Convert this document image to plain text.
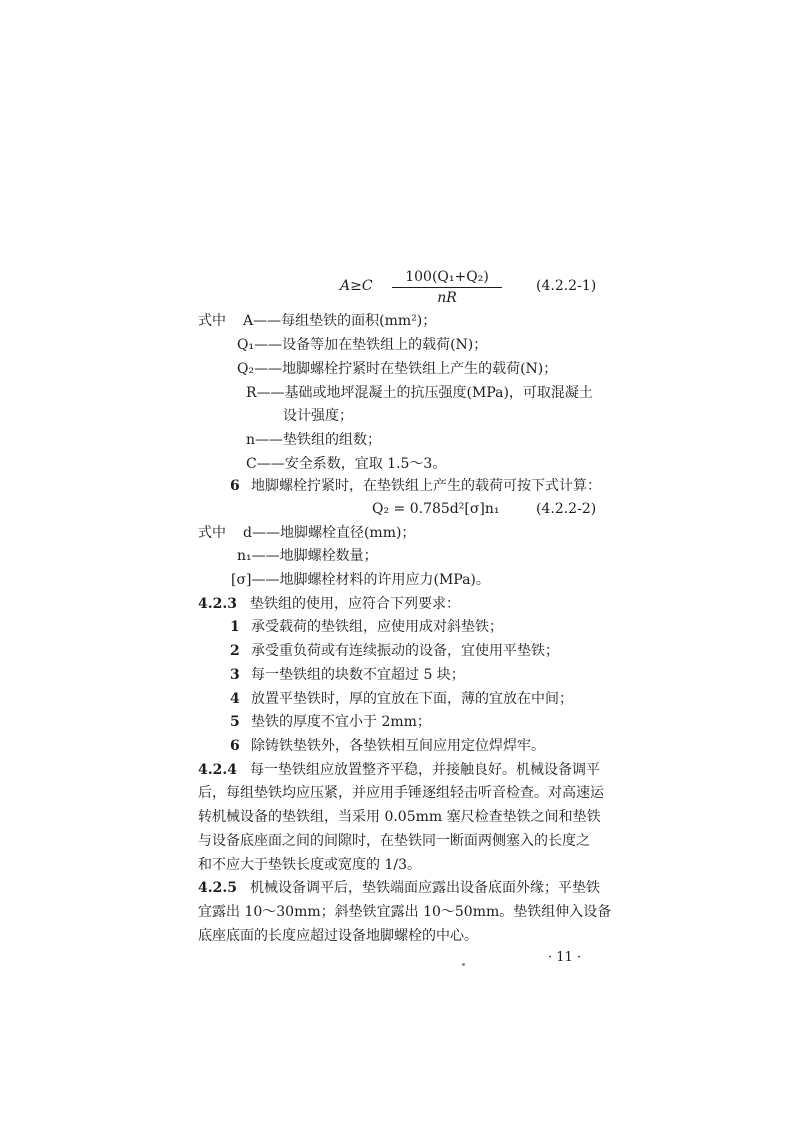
A≥C
100(Q₁+Q₂)
nR
(4.2.2-1)
式中 A——每组垫铁的面积(mm²)；
Q₁——设备等加在垫铁组上的载荷(N)；
Q₂——地脚螺栓拧紧时在垫铁组上产生的载荷(N)；
R——基础或地坪混凝土的抗压强度(MPa)，可取混凝土
设计强度；
n——垫铁组的组数；
C——安全系数，宜取 1.5～3。
6 地脚螺栓拧紧时，在垫铁组上产生的载荷可按下式计算：
Q₂ = 0.785d²[σ]n₁	(4.2.2-2)
式中 d——地脚螺栓直径(mm)；
n₁——地脚螺栓数量；
[σ]——地脚螺栓材料的许用应力(MPa)。
4.2.3 垫铁组的使用，应符合下列要求：
1 承受载荷的垫铁组，应使用成对斜垫铁；
2 承受重负荷或有连续振动的设备，宜使用平垫铁；
3 每一垫铁组的块数不宜超过 5 块；
4 放置平垫铁时，厚的宜放在下面，薄的宜放在中间；
5 垫铁的厚度不宜小于 2mm；
6 除铸铁垫铁外，各垫铁相互间应用定位焊焊牢。
4.2.4 每一垫铁组应放置整齐平稳，并接触良好。机械设备调平
后，每组垫铁均应压紧，并应用手锤逐组轻击听音检查。对高速运
转机械设备的垫铁组，当采用 0.05mm 塞尺检查垫铁之间和垫铁
与设备底座面之间的间隙时，在垫铁同一断面两侧塞入的长度之
和不应大于垫铁长度或宽度的 1/3。
4.2.5 机械设备调平后，垫铁端面应露出设备底面外缘；平垫铁
宜露出 10～30mm；斜垫铁宜露出 10～50mm。垫铁组伸入设备
底座底面的长度应超过设备地脚螺栓的中心。
· 11 ·
